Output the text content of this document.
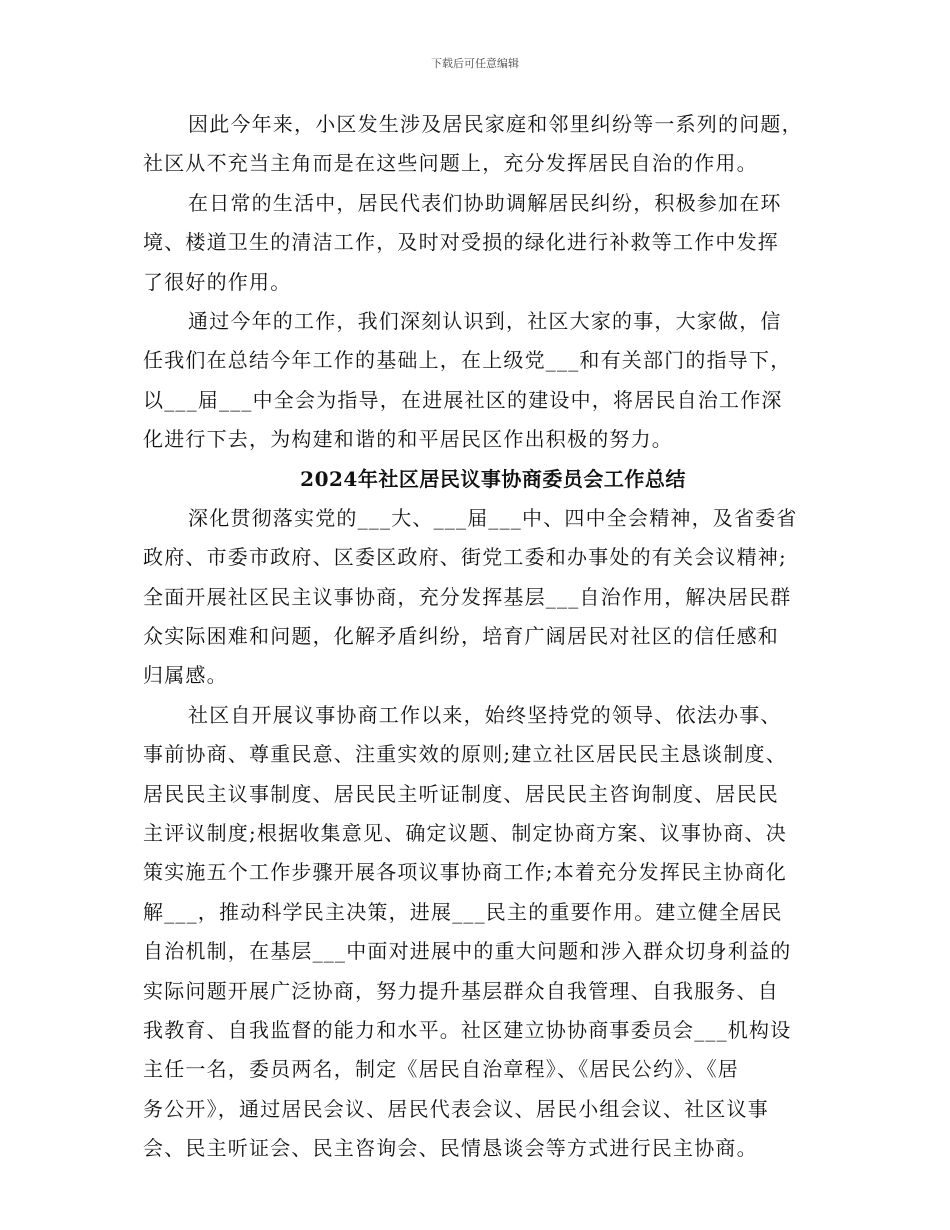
下载后可任意编辑
因此今年来，小区发生涉及居民家庭和邻里纠纷等一系列的问题，
社区从不充当主角而是在这些问题上，充分发挥居民自治的作用。
在日常的生活中，居民代表们协助调解居民纠纷，积极参加在环
境、楼道卫生的清洁工作，及时对受损的绿化进行补救等工作中发挥
了很好的作用。
通过今年的工作，我们深刻认识到，社区大家的事，大家做，信
任我们在总结今年工作的基础上，在上级党___和有关部门的指导下，
以___届___中全会为指导，在进展社区的建设中，将居民自治工作深
化进行下去，为构建和谐的和平居民区作出积极的努力。
2024年社区居民议事协商委员会工作总结
深化贯彻落实党的___大、___届___中、四中全会精神，及省委省
政府、市委市政府、区委区政府、街党工委和办事处的有关会议精神;
全面开展社区民主议事协商，充分发挥基层___自治作用，解决居民群
众实际困难和问题，化解矛盾纠纷，培育广阔居民对社区的信任感和
归属感。
社区自开展议事协商工作以来，始终坚持党的领导、依法办事、
事前协商、尊重民意、注重实效的原则;建立社区居民民主恳谈制度、
居民民主议事制度、居民民主听证制度、居民民主咨询制度、居民民
主评议制度;根据收集意见、确定议题、制定协商方案、议事协商、决
策实施五个工作步骤开展各项议事协商工作;本着充分发挥民主协商化
解___，推动科学民主决策，进展___民主的重要作用。建立健全居民
自治机制，在基层___中面对进展中的重大问题和涉入群众切身利益的
实际问题开展广泛协商，努力提升基层群众自我管理、自我服务、自
我教育、自我监督的能力和水平。社区建立协协商事委员会___机构设
主任一名，委员两名，制定《居民自治章程》、《居民公约》、《居
务公开》，通过居民会议、居民代表会议、居民小组会议、社区议事
会、民主听证会、民主咨询会、民情恳谈会等方式进行民主协商。
